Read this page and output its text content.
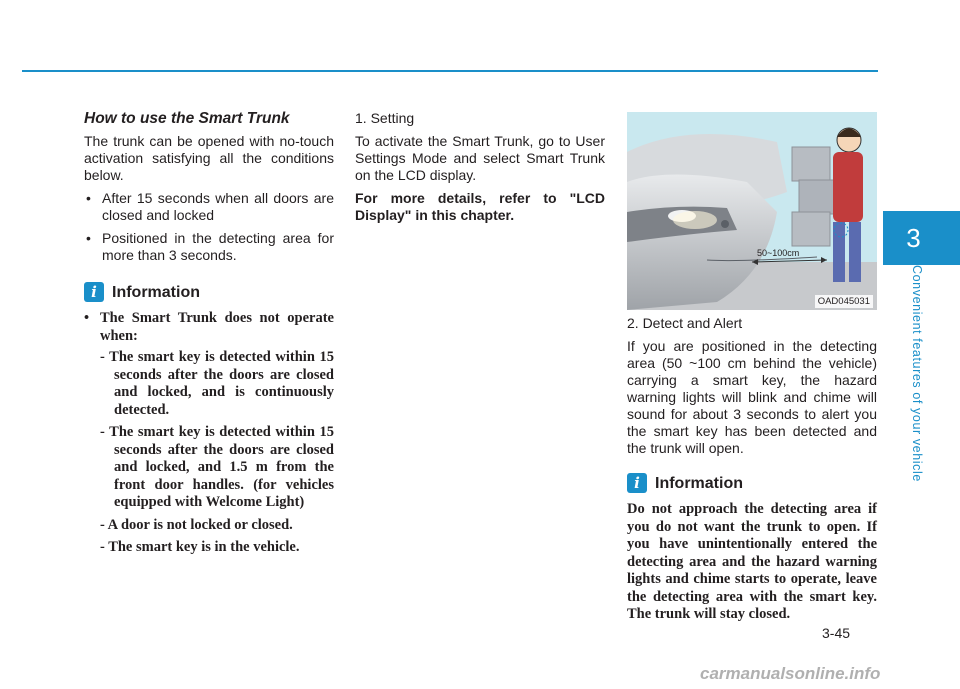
3
Convenient features of your vehicle
How to use the Smart Trunk

The trunk can be opened with no-touch activation satisfying all the conditions below.

• After 15 seconds when all doors are closed and locked
• Positioned in the detecting area for more than 3 seconds.
i Information
• The Smart Trunk does not operate when:
- The smart key is detected within 15 seconds after the doors are closed and locked, and is continuously detected.
- The smart key is detected within 15 seconds after the doors are closed and locked, and 1.5 m from the front door handles. (for vehicles equipped with Welcome Light)
- A door is not locked or closed.
- The smart key is in the vehicle.

1. Setting

To activate the Smart Trunk, go to User Settings Mode and select Smart Trunk on the LCD display.

For more details, refer to "LCD Display" in this chapter.

50~100cm
OAD045031

2. Detect and Alert

If you are positioned in the detecting area (50 ~100 cm behind the vehicle) carrying a smart key, the hazard warning lights will blink and chime will sound for about 3 seconds to alert you the smart key has been detected and the trunk will open.

i Information
Do not approach the detecting area if you do not want the trunk to open. If you have unintentionally entered the detecting area and the hazard warning lights and chime starts to operate, leave the detecting area with the smart key. The trunk will stay closed.
3-45
carmanualsonline.info
